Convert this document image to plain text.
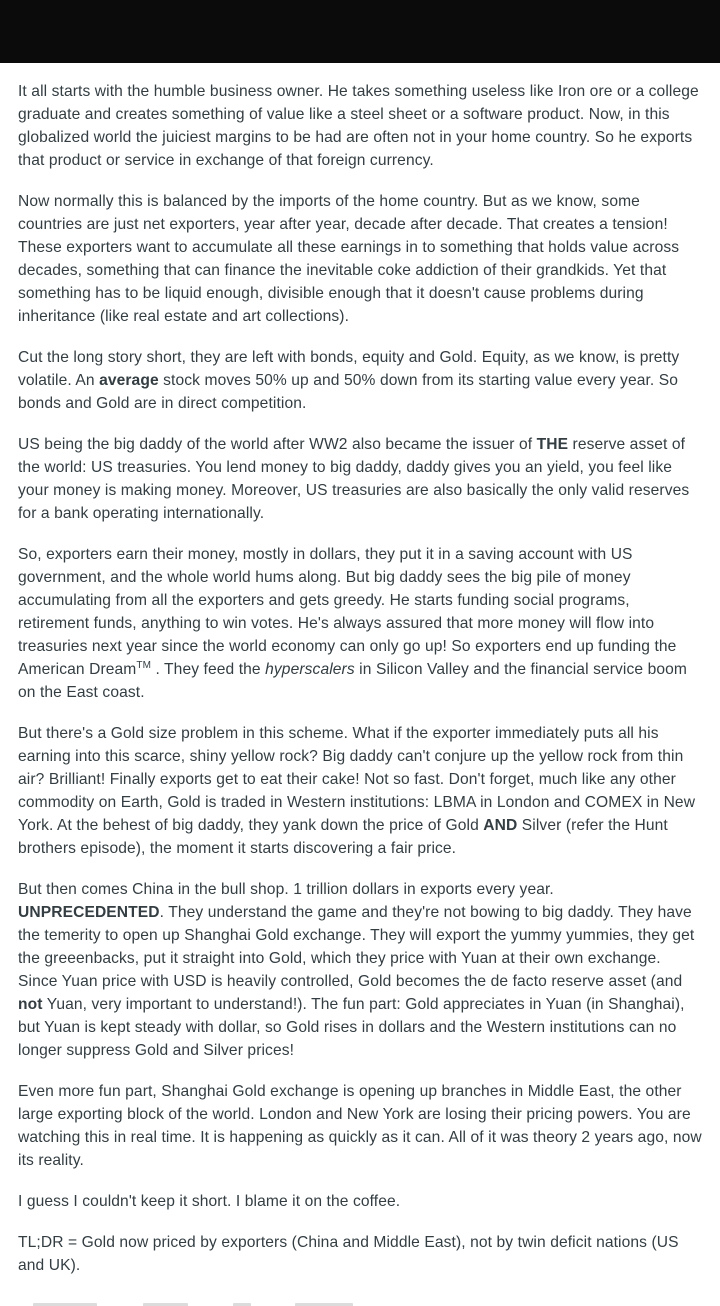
It all starts with the humble business owner. He takes something useless like Iron ore or a college graduate and creates something of value like a steel sheet or a software product. Now, in this globalized world the juiciest margins to be had are often not in your home country. So he exports that product or service in exchange of that foreign currency.

Now normally this is balanced by the imports of the home country. But as we know, some countries are just net exporters, year after year, decade after decade. That creates a tension! These exporters want to accumulate all these earnings in to something that holds value across decades, something that can finance the inevitable coke addiction of their grandkids. Yet that something has to be liquid enough, divisible enough that it doesn't cause problems during inheritance (like real estate and art collections).

Cut the long story short, they are left with bonds, equity and Gold. Equity, as we know, is pretty volatile. An average stock moves 50% up and 50% down from its starting value every year. So bonds and Gold are in direct competition.

US being the big daddy of the world after WW2 also became the issuer of THE reserve asset of the world: US treasuries. You lend money to big daddy, daddy gives you an yield, you feel like your money is making money. Moreover, US treasuries are also basically the only valid reserves for a bank operating internationally.

So, exporters earn their money, mostly in dollars, they put it in a saving account with US government, and the whole world hums along. But big daddy sees the big pile of money accumulating from all the exporters and gets greedy. He starts funding social programs, retirement funds, anything to win votes. He's always assured that more money will flow into treasuries next year since the world economy can only go up! So exporters end up funding the American Dream™ . They feed the hyperscalers in Silicon Valley and the financial service boom on the East coast.

But there's a Gold size problem in this scheme. What if the exporter immediately puts all his earning into this scarce, shiny yellow rock? Big daddy can't conjure up the yellow rock from thin air? Brilliant! Finally exports get to eat their cake! Not so fast. Don't forget, much like any other commodity on Earth, Gold is traded in Western institutions: LBMA in London and COMEX in New York. At the behest of big daddy, they yank down the price of Gold AND Silver (refer the Hunt brothers episode), the moment it starts discovering a fair price.

But then comes China in the bull shop. 1 trillion dollars in exports every year. UNPRECEDENTED. They understand the game and they're not bowing to big daddy. They have the temerity to open up Shanghai Gold exchange. They will export the yummy yummies, they get the greeenbacks, put it straight into Gold, which they price with Yuan at their own exchange. Since Yuan price with USD is heavily controlled, Gold becomes the de facto reserve asset (and not Yuan, very important to understand!). The fun part: Gold appreciates in Yuan (in Shanghai), but Yuan is kept steady with dollar, so Gold rises in dollars and the Western institutions can no longer suppress Gold and Silver prices!

Even more fun part, Shanghai Gold exchange is opening up branches in Middle East, the other large exporting block of the world. London and New York are losing their pricing powers. You are watching this in real time. It is happening as quickly as it can. All of it was theory 2 years ago, now its reality.

I guess I couldn't keep it short. I blame it on the coffee.

TL;DR = Gold now priced by exporters (China and Middle East), not by twin deficit nations (US and UK).
